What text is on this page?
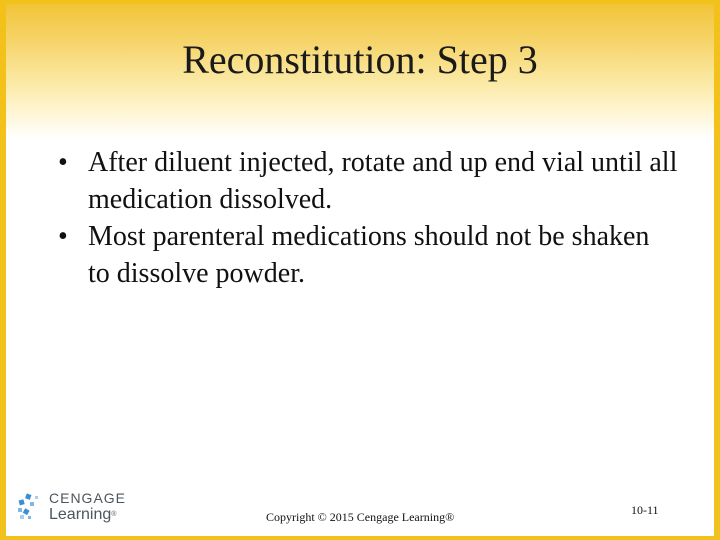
Reconstitution: Step 3
• After diluent injected, rotate and up end vial until all medication dissolved.
• Most parenteral medications should not be shaken to dissolve powder.
CENGAGE
Learning®	Copyright © 2015 Cengage Learning®	10-11
